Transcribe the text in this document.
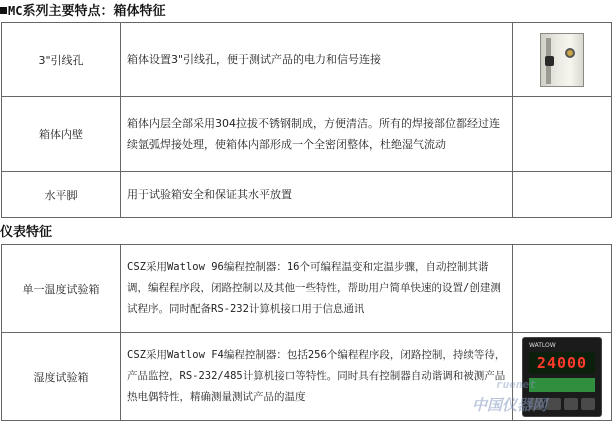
MC系列主要特点：箱体特征
3"引线孔	箱体设置3"引线孔，便于测试产品的电力和信号连接	

箱体内壁	箱体内层全部采用304拉拔不锈钢制成，方便清洁。所有的焊接部位都经过连续氩弧焊接处理，使箱体内部形成一个全密闭整体，杜绝湿气流动	
水平脚	用于试验箱安全和保证其水平放置	
仪表特征
单一温度试验箱	CSZ采用Watlow 96编程控制器：16个可编程温变和定温步骤，自动控制其谐调，编程程序段，闭路控制以及其他一些特性，帮助用户简单快速的设置/创建测试程序。同时配备RS-232计算机接口用于信息通讯	
湿度试验箱	CSZ采用Watlow F4编程控制器：包括256个编程程序段，闭路控制，持续等待，产品监控，RS-232/485计算机接口等特性。同时具有控制器自动谐调和被测产品热电偶特性，精确测量测试产品的温度	WATLOW
24000
ruenet
中国仪器网
